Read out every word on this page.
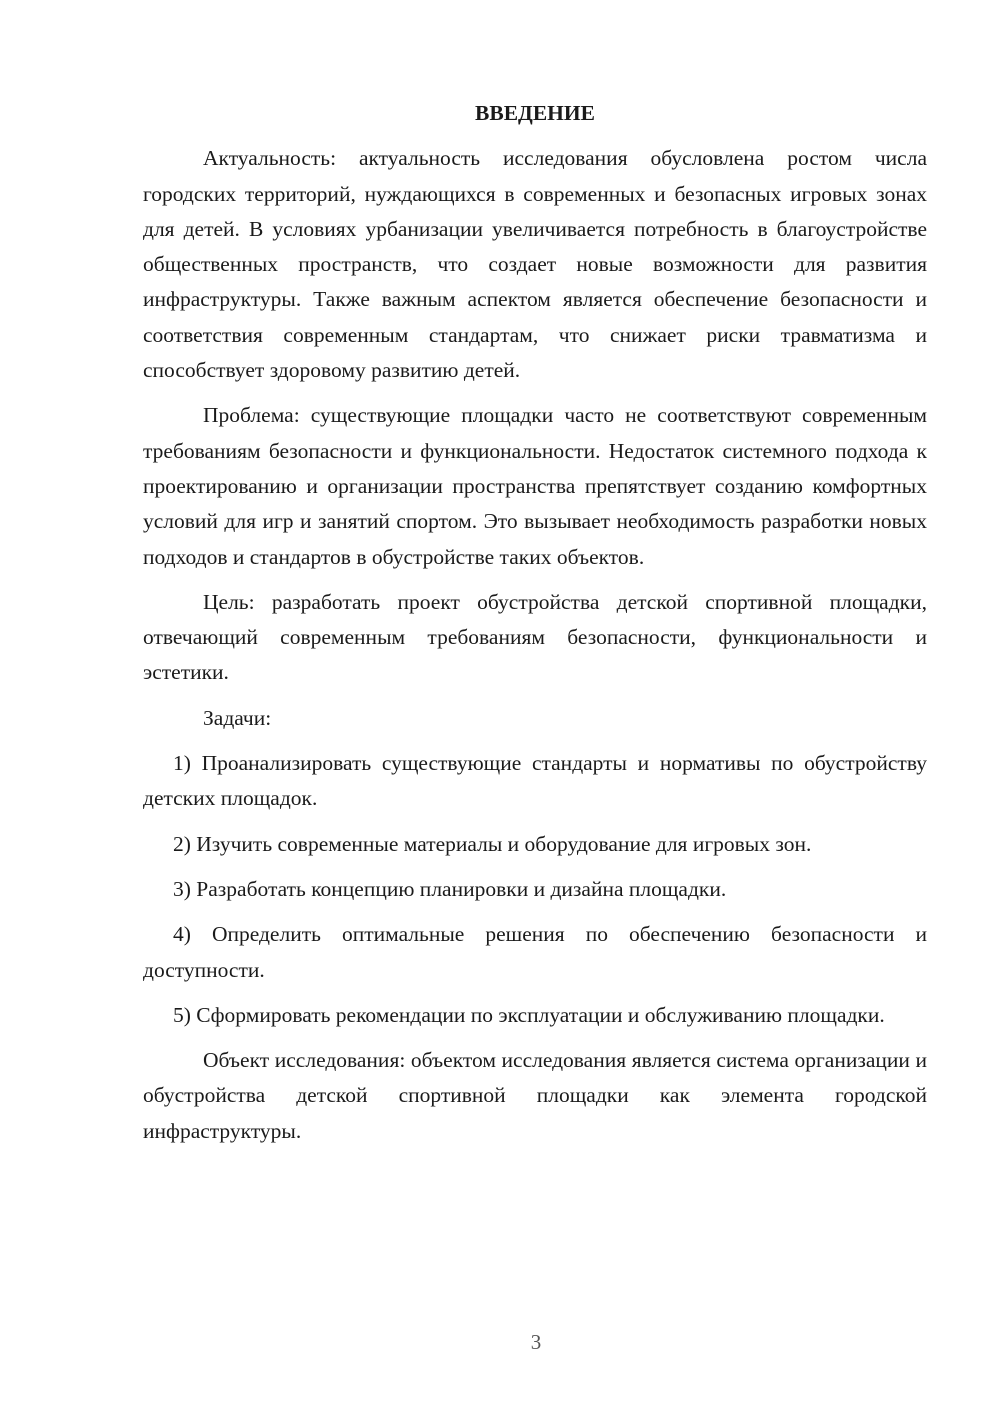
ВВЕДЕНИЕ
Актуальность: актуальность исследования обусловлена ростом числа городских территорий, нуждающихся в современных и безопасных игровых зонах для детей. В условиях урбанизации увеличивается потребность в благоустройстве общественных пространств, что создает новые возможности для развития инфраструктуры. Также важным аспектом является обеспечение безопасности и соответствия современным стандартам, что снижает риски травматизма и способствует здоровому развитию детей.
Проблема: существующие площадки часто не соответствуют современным требованиям безопасности и функциональности. Недостаток системного подхода к проектированию и организации пространства препятствует созданию комфортных условий для игр и занятий спортом. Это вызывает необходимость разработки новых подходов и стандартов в обустройстве таких объектов.
Цель: разработать проект обустройства детской спортивной площадки, отвечающий современным требованиям безопасности, функциональности и эстетики.
Задачи:
1) Проанализировать существующие стандарты и нормативы по обустройству детских площадок.
2) Изучить современные материалы и оборудование для игровых зон.
3) Разработать концепцию планировки и дизайна площадки.
4) Определить оптимальные решения по обеспечению безопасности и доступности.
5) Сформировать рекомендации по эксплуатации и обслуживанию площадки.
Объект исследования: объектом исследования является система организации и обустройства детской спортивной площадки как элемента городской инфраструктуры.
3
